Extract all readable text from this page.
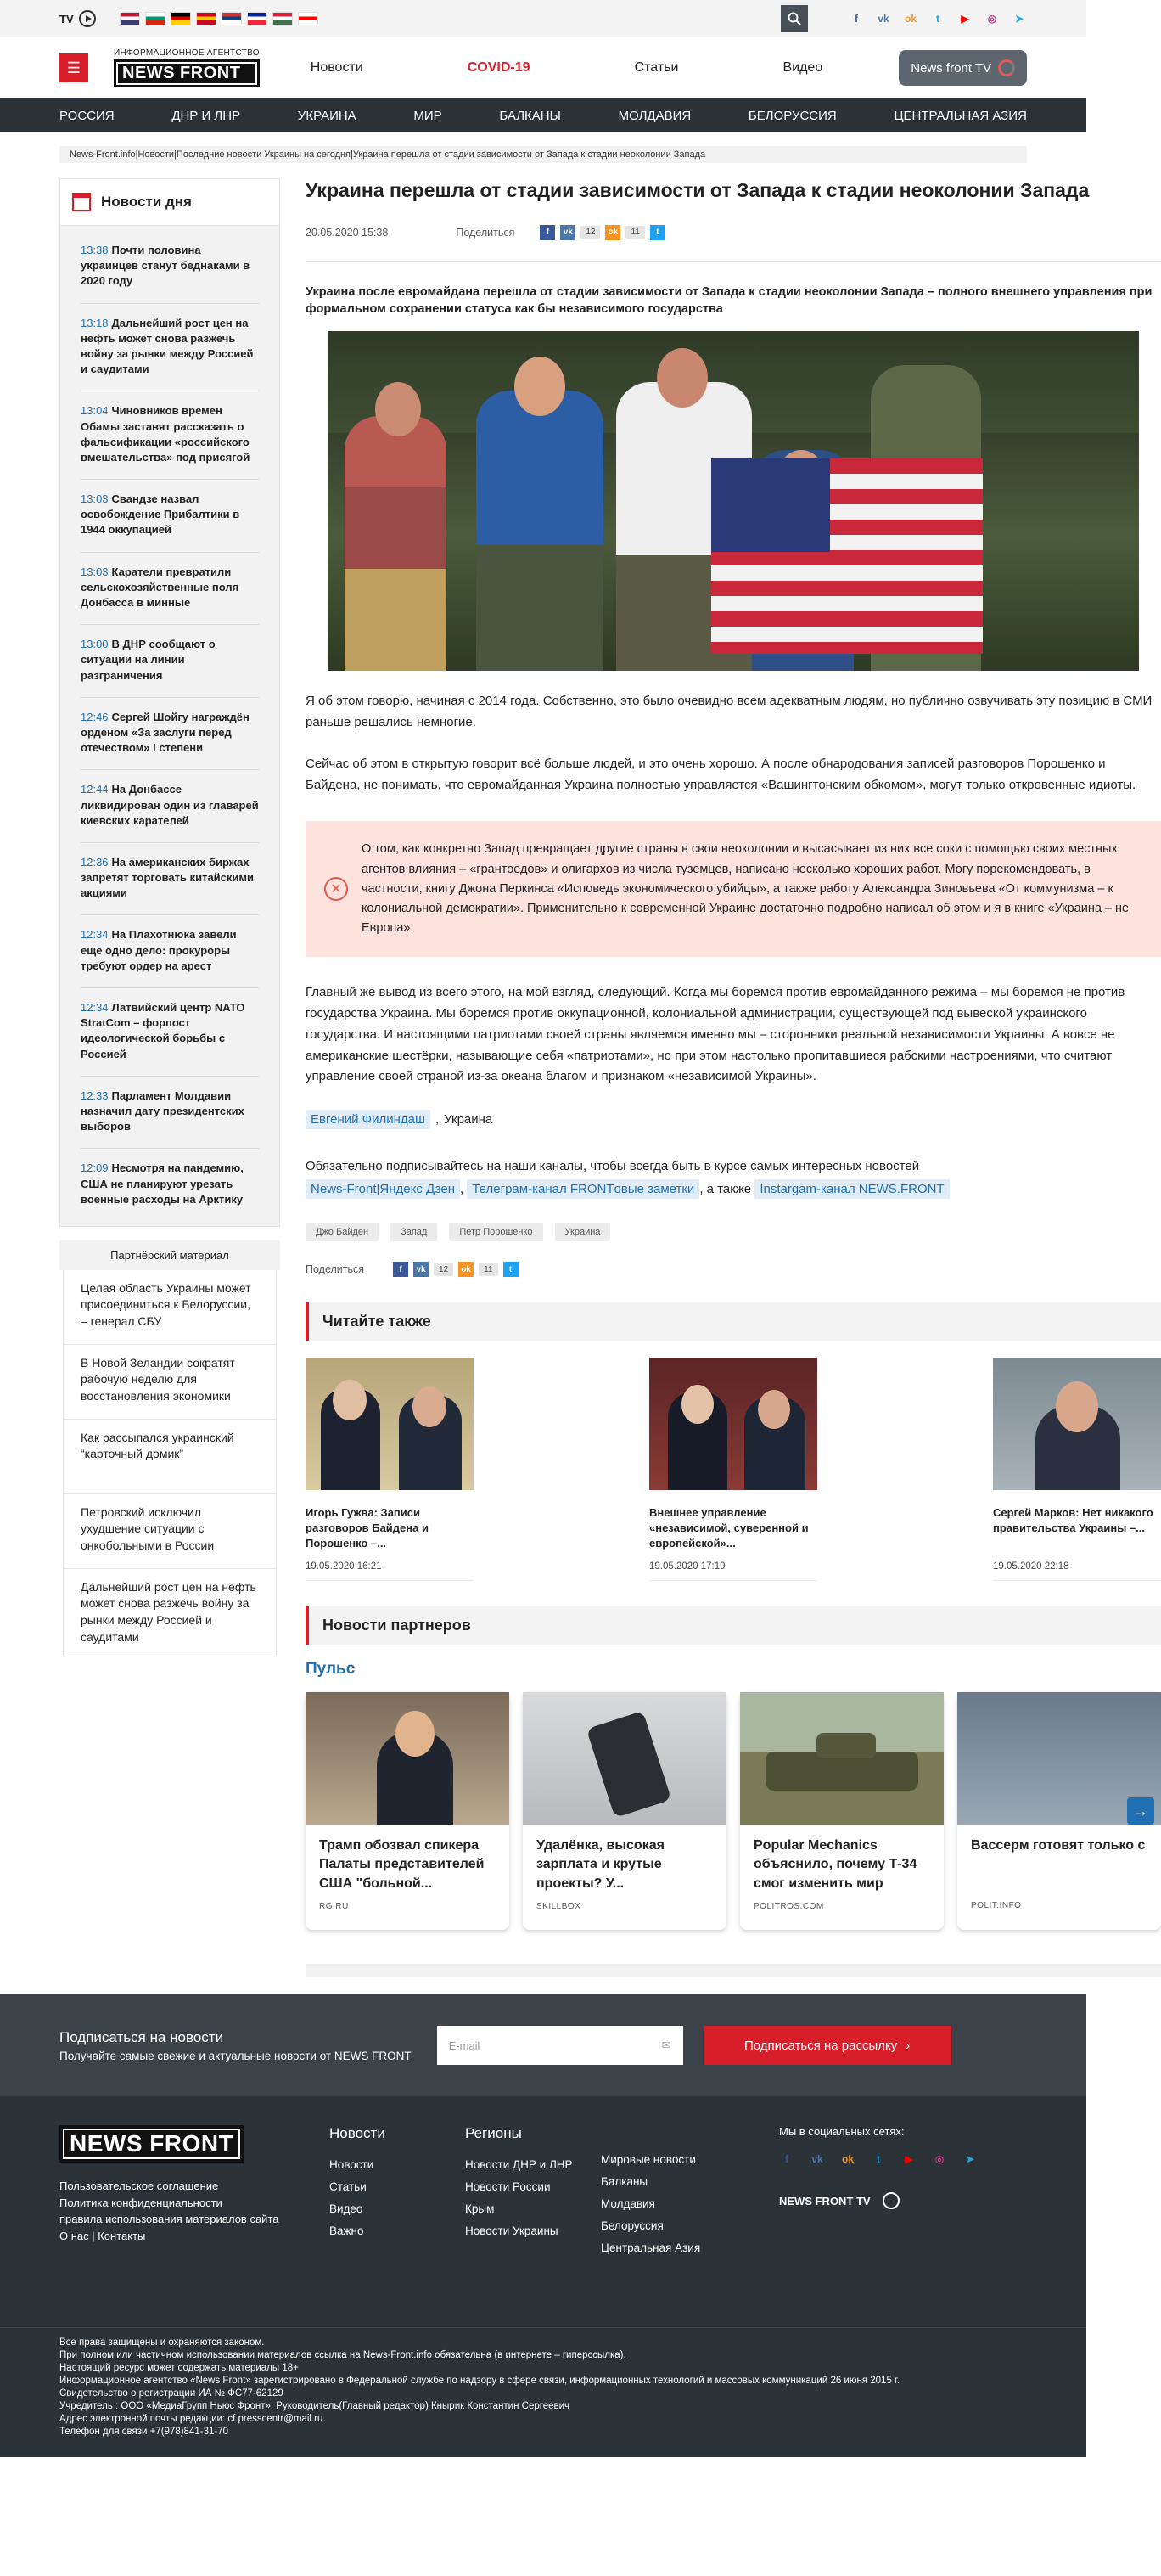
TV	f	vk ok	t	▶	◎	➤
☰
ИНФОРМАЦИОННОЕ АГЕНТСТВО
NEWS FRONT	Новости	COVID-19	Статьи	Видео	News front TV
РОССИЯ	ДНР И ЛНР	УКРАИНА	МИР	БАЛКАНЫ	МОЛДАВИЯ	БЕЛОРУССИЯ	ЦЕНТРАЛЬНАЯ АЗИЯ
News-Front.info|Новости|Последние новости Украины на сегодня|Украина перешла от стадии зависимости от Запада к стадии неоколонии Запада
Новости дня
13:38 Почти половина украинцев станут беднаками в 2020 году
13:18 Дальнейший рост цен на нефть может снова разжечь войну за рынки между Россией и саудитами
13:04 Чиновников времен Обамы заставят рассказать о фальсификации «российского вмешательства» под присягой
13:03 Свандзе назвал освобождение Прибалтики в 1944 оккупацией
13:03 Каратели превратили сельскохозяйственные поля Донбасса в минные
13:00 В ДНР сообщают о ситуации на линии разграничения
12:46 Сергей Шойгу награждён орденом «За заслуги перед отечеством» I степени
12:44 На Донбассе ликвидирован один из главарей киевских карателей
12:36 На американских биржах запретят торговать китайскими акциями
12:34 На Плахотнюка завели еще одно дело: прокуроры требуют ордер на арест
12:34 Латвийский центр NATO StratCom – форпост идеологической борьбы с Россией
12:33 Парламент Молдавии назначил дату президентских выборов
12:09 Несмотря на пандемию, США не планируют урезать военные расходы на Арктику
Партнёрский материал
Целая область Украины может присоединиться к Белоруссии, – генерал СБУ
В Новой Зеландии сократят рабочую неделю для восстановления экономики
Как рассыпался украинский “карточный домик”
Петровский исключил ухудшение ситуации с онкобольными в России
Дальнейший рост цен на нефть может снова разжечь войну за рынки между Россией и саудитами
Украина перешла от стадии зависимости от Запада к стадии неоколонии Запада
20.05.2020 15:38	Поделиться	f	vk	12	ok	11	t

Украина после евромайдана перешла от стадии зависимости от Запада к стадии неоколонии Запада – полного внешнего управления при формальном сохранении статуса как бы независимого государства

Я об этом говорю, начиная с 2014 года. Собственно, это было очевидно всем адекватным людям, но публично озвучивать эту позицию в СМИ раньше решались немногие.

Сейчас об этом в открытую говорит всё больше людей, и это очень хорошо. А после обнародования записей разговоров Порошенко и Байдена, не понимать, что евромайданная Украина полностью управляется «Вашингтонским обкомом», могут только откровенные идиоты.

✕
О том, как конкретно Запад превращает другие страны в свои неоколонии и высасывает из них все соки с помощью своих местных агентов влияния – «грантоедов» и олигархов из числа туземцев, написано несколько хороших работ. Могу порекомендовать, в частности, книгу Джона Перкинса «Исповедь экономического убийцы», а также работу Александра Зиновьева «От коммунизма – к колониальной демократии». Применительно к современной Украине достаточно подробно написал об этом и я в книге «Украина – не Европа».

Главный же вывод из всего этого, на мой взгляд, следующий. Когда мы боремся против евромайданного режима – мы боремся не против государства Украина. Мы боремся против оккупационной, колониальной администрации, существующей под вывеской украинского государства. И настоящими патриотами своей страны являемся именно мы – сторонники реальной независимости Украины. А вовсе не американские шестёрки, называющие себя «патриотами», но при этом настолько пропитавшиеся рабскими настроениями, что считают управление своей страной из-за океана благом и признаком «независимой Украины».

Евгений Филиндаш , Украина
Обязательно подписывайтесь на наши каналы, чтобы всегда быть в курсе самых интересных новостей
News-Front|Яндекс Дзен , Телеграм-канал FRONTовые заметки , а также Instargam-канал NEWS.FRONT
Джо Байден	Запад	Петр Порошенко	Украина
Поделиться	f	vk	12	ok	11	t
Читайте также
Игорь Гужва: Записи разговоров Байдена и Порошенко –...
19.05.2020 16:21
Внешнее управление «независимой, суверенной и европейской»...
19.05.2020 17:19
Сергей Марков: Нет никакого правительства Украины –...
19.05.2020 22:18
Новости партнеров
Пульс
Трамп обозвал спикера Палаты представителей США "больной...
RG.RU
Удалёнка, высокая зарплата и крутые проекты? У...
SKILLBOX
Popular Mechanics объяснило, почему Т-34 смог изменить мир
POLITROS.COM
Вассерм готовят только с
POLIT.INFO
→
Подписаться на новости

Получайте самые свежие и актуальные новости от NEWS FRONT

E-mail	✉	Подписаться на рассылку ›
NEWS FRONT
Пользовательское соглашение
Политика конфиденциальности
правила использования материалов сайта
О нас | Контакты
Новости
Новости
Статьи
Видео
Важно
Регионы
Новости ДНР и ЛНР
Новости России
Крым
Новости Украины
Мировые новости
Балканы
Молдавия
Белоруссия
Центральная Азия
Мы в социальных сетях:
f	vk ok	t	▶	◎	➤
NEWS FRONT TV
Все права защищены и охраняются законом.
При полном или частичном использовании материалов ссылка на News-Front.info обязательна (в интернете – гиперссылка).
Настоящий ресурс может содержать материалы 18+
Информационное агентство «News Front» зарегистрировано в Федеральной службе по надзору в сфере связи, информационных технологий и массовых коммуникаций 26 июня 2015 г.
Свидетельство о регистрации ИА № ФС77-62129
Учредитель : ООО «МедиаГрупп Ньюс Фронт», Руководитель(Главный редактор) Кнырик Константин Сергеевич
Адрес электронной почты редакции: cf.presscentr@mail.ru.
Телефон для связи +7(978)841-31-70
